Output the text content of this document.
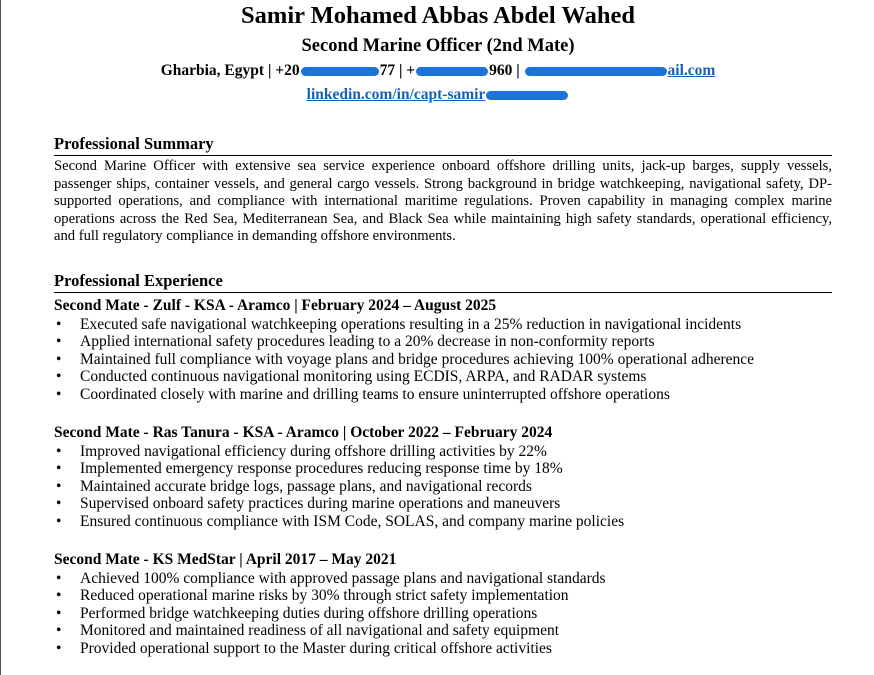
Samir Mohamed Abbas Abdel Wahed
Second Marine Officer (2nd Mate)
Gharbia, Egypt | +20	77 | +	960 |	ail.com
linkedin.com/in/capt-samir
Professional Summary
Second Marine Officer with extensive sea service experience onboard offshore drilling units, jack-up barges, supply vessels, passenger ships, container vessels, and general cargo vessels. Strong background in bridge watchkeeping, navigational safety, DP-supported operations, and compliance with international maritime regulations. Proven capability in managing complex marine operations across the Red Sea, Mediterranean Sea, and Black Sea while maintaining high safety standards, operational efficiency, and full regulatory compliance in demanding offshore environments.
Professional Experience
Second Mate - Zulf - KSA - Aramco | February 2024 – August 2025
• Executed safe navigational watchkeeping operations resulting in a 25% reduction in navigational incidents
• Applied international safety procedures leading to a 20% decrease in non-conformity reports
• Maintained full compliance with voyage plans and bridge procedures achieving 100% operational adherence
• Conducted continuous navigational monitoring using ECDIS, ARPA, and RADAR systems
• Coordinated closely with marine and drilling teams to ensure uninterrupted offshore operations
Second Mate - Ras Tanura - KSA - Aramco | October 2022 – February 2024
• Improved navigational efficiency during offshore drilling activities by 22%
• Implemented emergency response procedures reducing response time by 18%
• Maintained accurate bridge logs, passage plans, and navigational records
• Supervised onboard safety practices during marine operations and maneuvers
• Ensured continuous compliance with ISM Code, SOLAS, and company marine policies
Second Mate - KS MedStar | April 2017 – May 2021
• Achieved 100% compliance with approved passage plans and navigational standards
• Reduced operational marine risks by 30% through strict safety implementation
• Performed bridge watchkeeping duties during offshore drilling operations
• Monitored and maintained readiness of all navigational and safety equipment
• Provided operational support to the Master during critical offshore activities
